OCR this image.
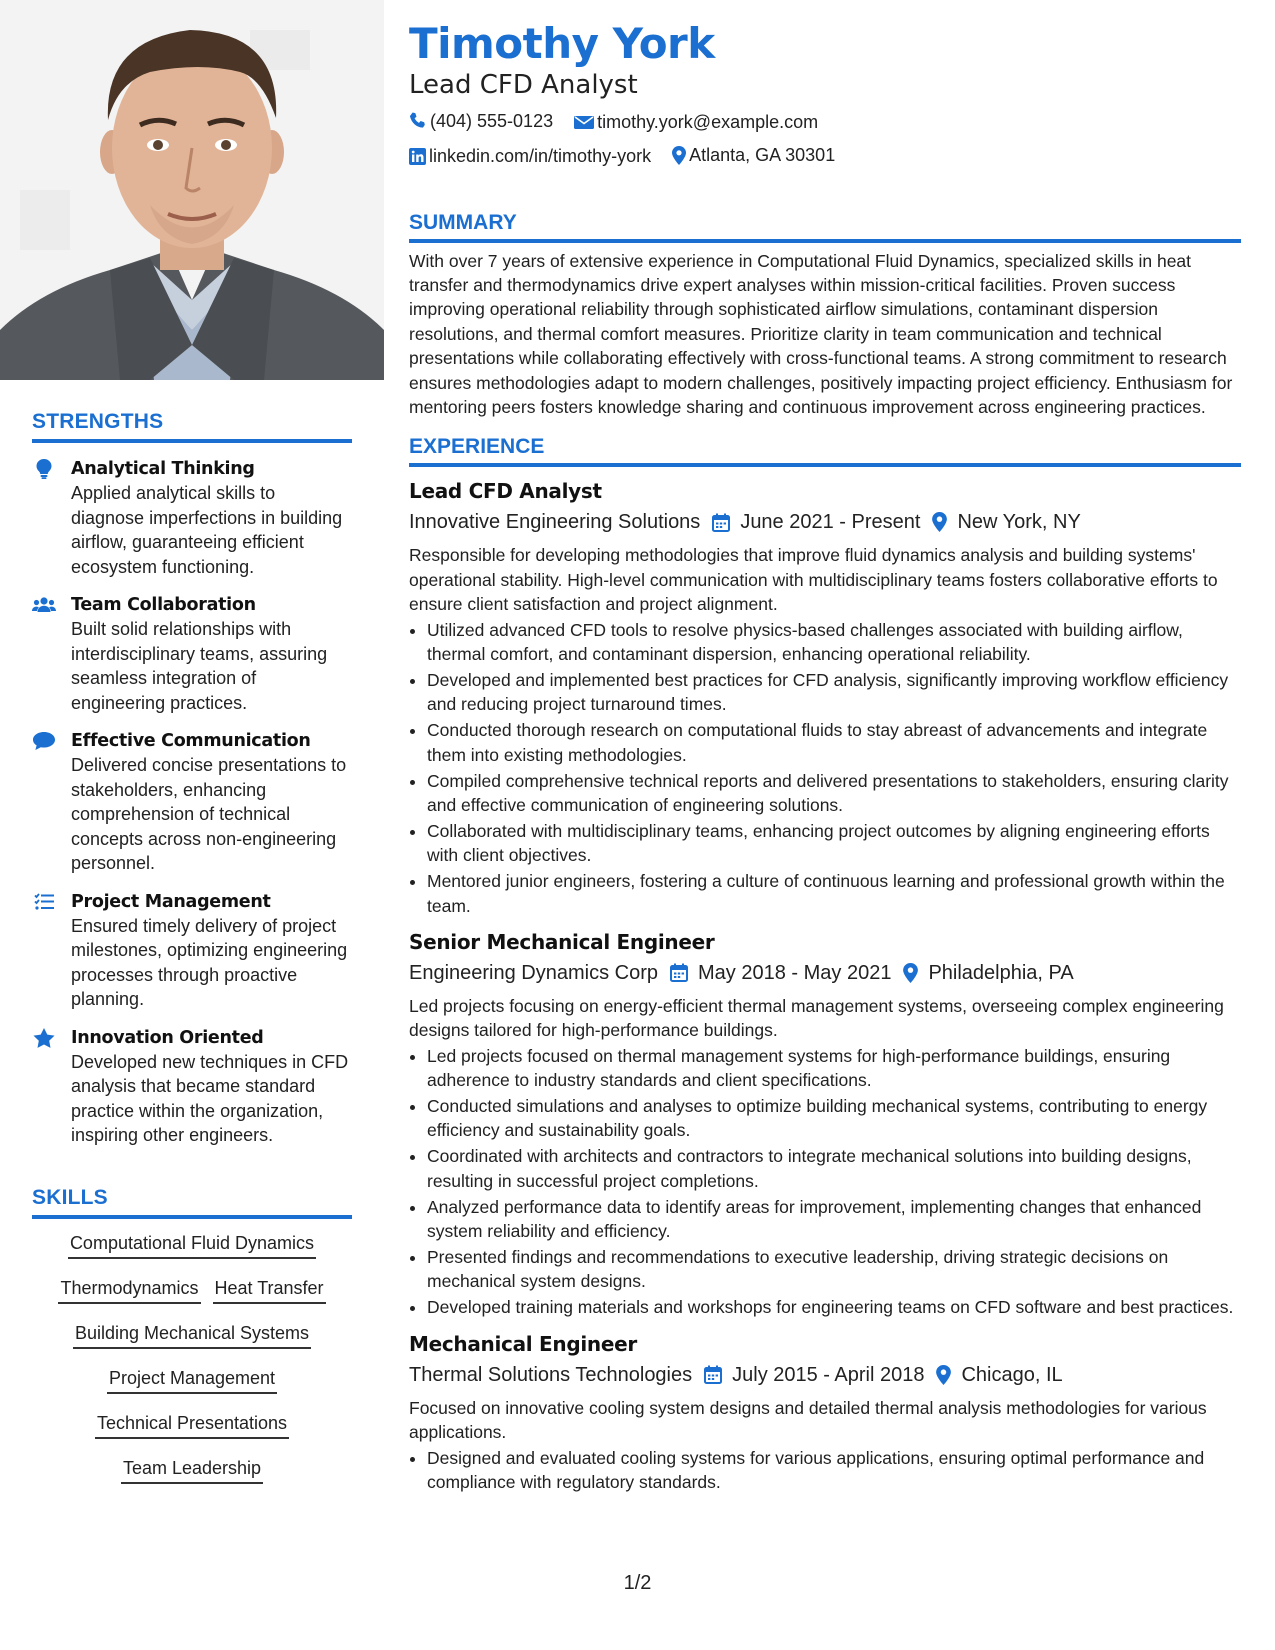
STRENGTHS
Analytical Thinking
Applied analytical skills to diagnose imperfections in building airflow, guaranteeing efficient ecosystem functioning.
Team Collaboration
Built solid relationships with interdisciplinary teams, assuring seamless integration of engineering practices.
Effective Communication
Delivered concise presentations to stakeholders, enhancing comprehension of technical concepts across non-engineering personnel.
Project Management
Ensured timely delivery of project milestones, optimizing engineering processes through proactive planning.
Innovation Oriented
Developed new techniques in CFD analysis that became standard practice within the organization, inspiring other engineers.
SKILLS
Computational Fluid Dynamics
Thermodynamics Heat Transfer
Building Mechanical Systems
Project Management
Technical Presentations
Team Leadership
Timothy York

Lead CFD Analyst

(404) 555-0123
timothy.york@example.com
linkedin.com/in/timothy-york
Atlanta, GA 30301
SUMMARY

With over 7 years of extensive experience in Computational Fluid Dynamics, specialized skills in heat transfer and thermodynamics drive expert analyses within mission-critical facilities. Proven success improving operational reliability through sophisticated airflow simulations, contaminant dispersion resolutions, and thermal comfort measures. Prioritize clarity in team communication and technical presentations while collaborating effectively with cross-functional teams. A strong commitment to research ensures methodologies adapt to modern challenges, positively impacting project efficiency. Enthusiasm for mentoring peers fosters knowledge sharing and continuous improvement across engineering practices.

EXPERIENCE
Lead CFD Analyst
Innovative Engineering Solutions June 2021 - Present New York, NY

Responsible for developing methodologies that improve fluid dynamics analysis and building systems' operational stability. High-level communication with multidisciplinary teams fosters collaborative efforts to ensure client satisfaction and project alignment.

• Utilized advanced CFD tools to resolve physics-based challenges associated with building airflow, thermal comfort, and contaminant dispersion, enhancing operational reliability.
• Developed and implemented best practices for CFD analysis, significantly improving workflow efficiency and reducing project turnaround times.
• Conducted thorough research on computational fluids to stay abreast of advancements and integrate them into existing methodologies.
• Compiled comprehensive technical reports and delivered presentations to stakeholders, ensuring clarity and effective communication of engineering solutions.
• Collaborated with multidisciplinary teams, enhancing project outcomes by aligning engineering efforts with client objectives.
• Mentored junior engineers, fostering a culture of continuous learning and professional growth within the team.
Senior Mechanical Engineer
Engineering Dynamics Corp May 2018 - May 2021 Philadelphia, PA

Led projects focusing on energy-efficient thermal management systems, overseeing complex engineering designs tailored for high-performance buildings.

• Led projects focused on thermal management systems for high-performance buildings, ensuring adherence to industry standards and client specifications.
• Conducted simulations and analyses to optimize building mechanical systems, contributing to energy efficiency and sustainability goals.
• Coordinated with architects and contractors to integrate mechanical solutions into building designs, resulting in successful project completions.
• Analyzed performance data to identify areas for improvement, implementing changes that enhanced system reliability and efficiency.
• Presented findings and recommendations to executive leadership, driving strategic decisions on mechanical system designs.
• Developed training materials and workshops for engineering teams on CFD software and best practices.
Mechanical Engineer
Thermal Solutions Technologies July 2015 - April 2018 Chicago, IL

Focused on innovative cooling system designs and detailed thermal analysis methodologies for various applications.

• Designed and evaluated cooling systems for various applications, ensuring optimal performance and compliance with regulatory standards.
1/2
